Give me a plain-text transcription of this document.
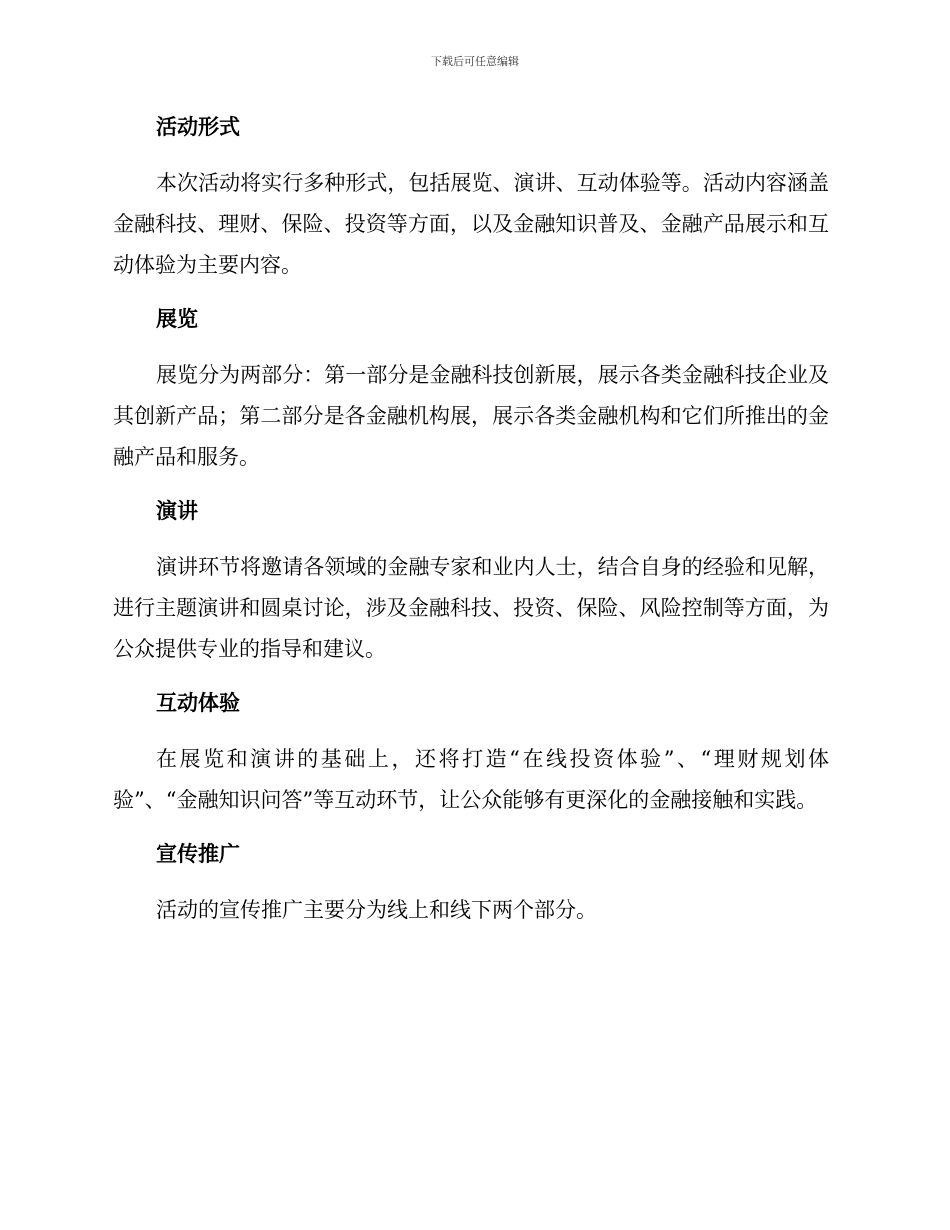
下载后可任意编辑
活动形式

本次活动将实行多种形式，包括展览、演讲、互动体验等。活动内容涵盖金融科技、理财、保险、投资等方面，以及金融知识普及、金融产品展示和互动体验为主要内容。

展览

展览分为两部分：第一部分是金融科技创新展，展示各类金融科技企业及其创新产品；第二部分是各金融机构展，展示各类金融机构和它们所推出的金融产品和服务。

演讲

演讲环节将邀请各领域的金融专家和业内人士，结合自身的经验和见解，进行主题演讲和圆桌讨论，涉及金融科技、投资、保险、风险控制等方面，为公众提供专业的指导和建议。

互动体验

在展览和演讲的基础上，还将打造“在线投资体验”、“理财规划体验”、“金融知识问答”等互动环节，让公众能够有更深化的金融接触和实践。

宣传推广

活动的宣传推广主要分为线上和线下两个部分。
